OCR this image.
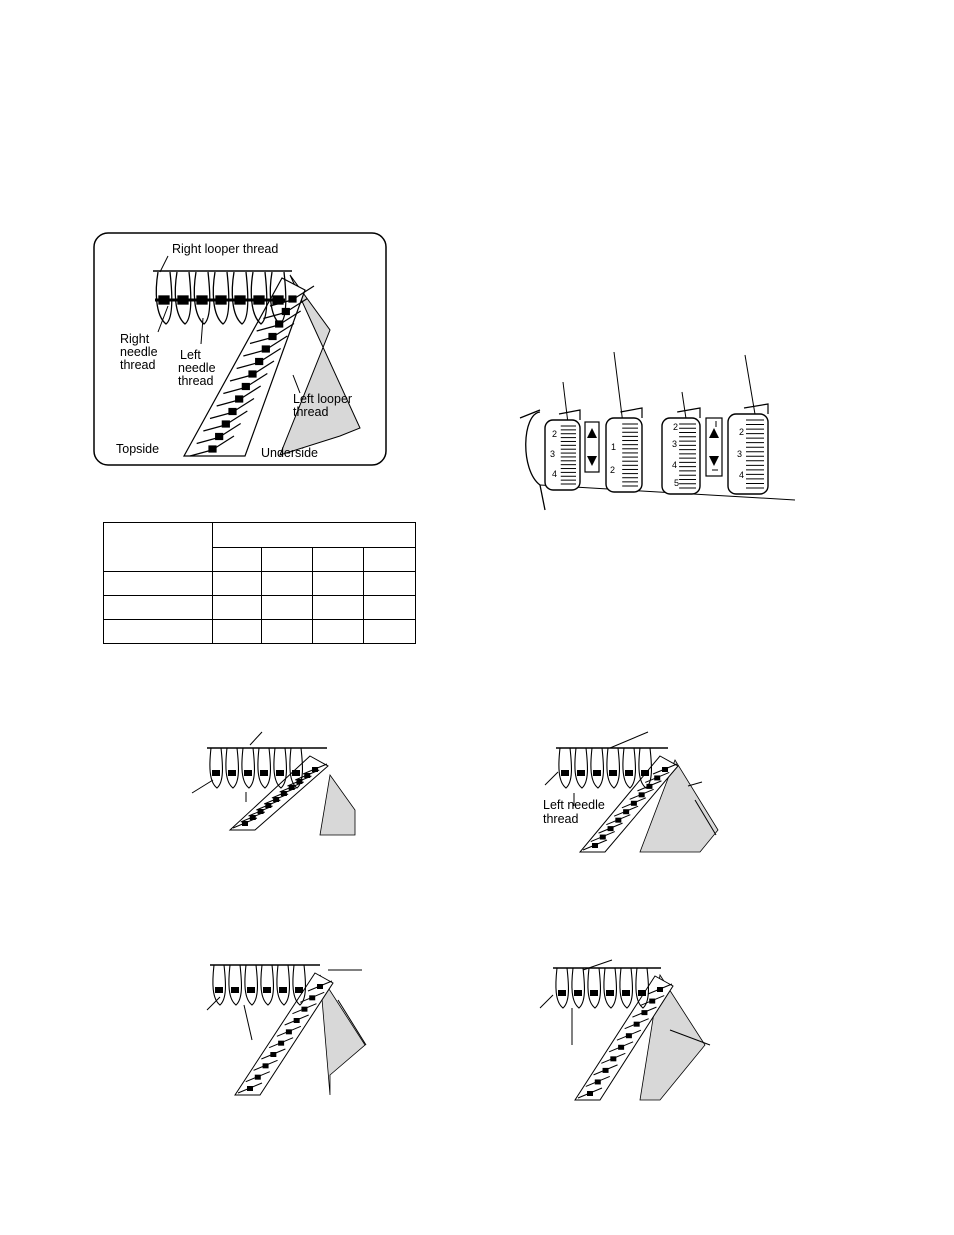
Right looper thread
Right
needle
thread
Left
needle
thread
Left looper
thread
Topside	Underside
2
3
4
1
2
2
3
4
5
2
3
4

Left needle
thread
